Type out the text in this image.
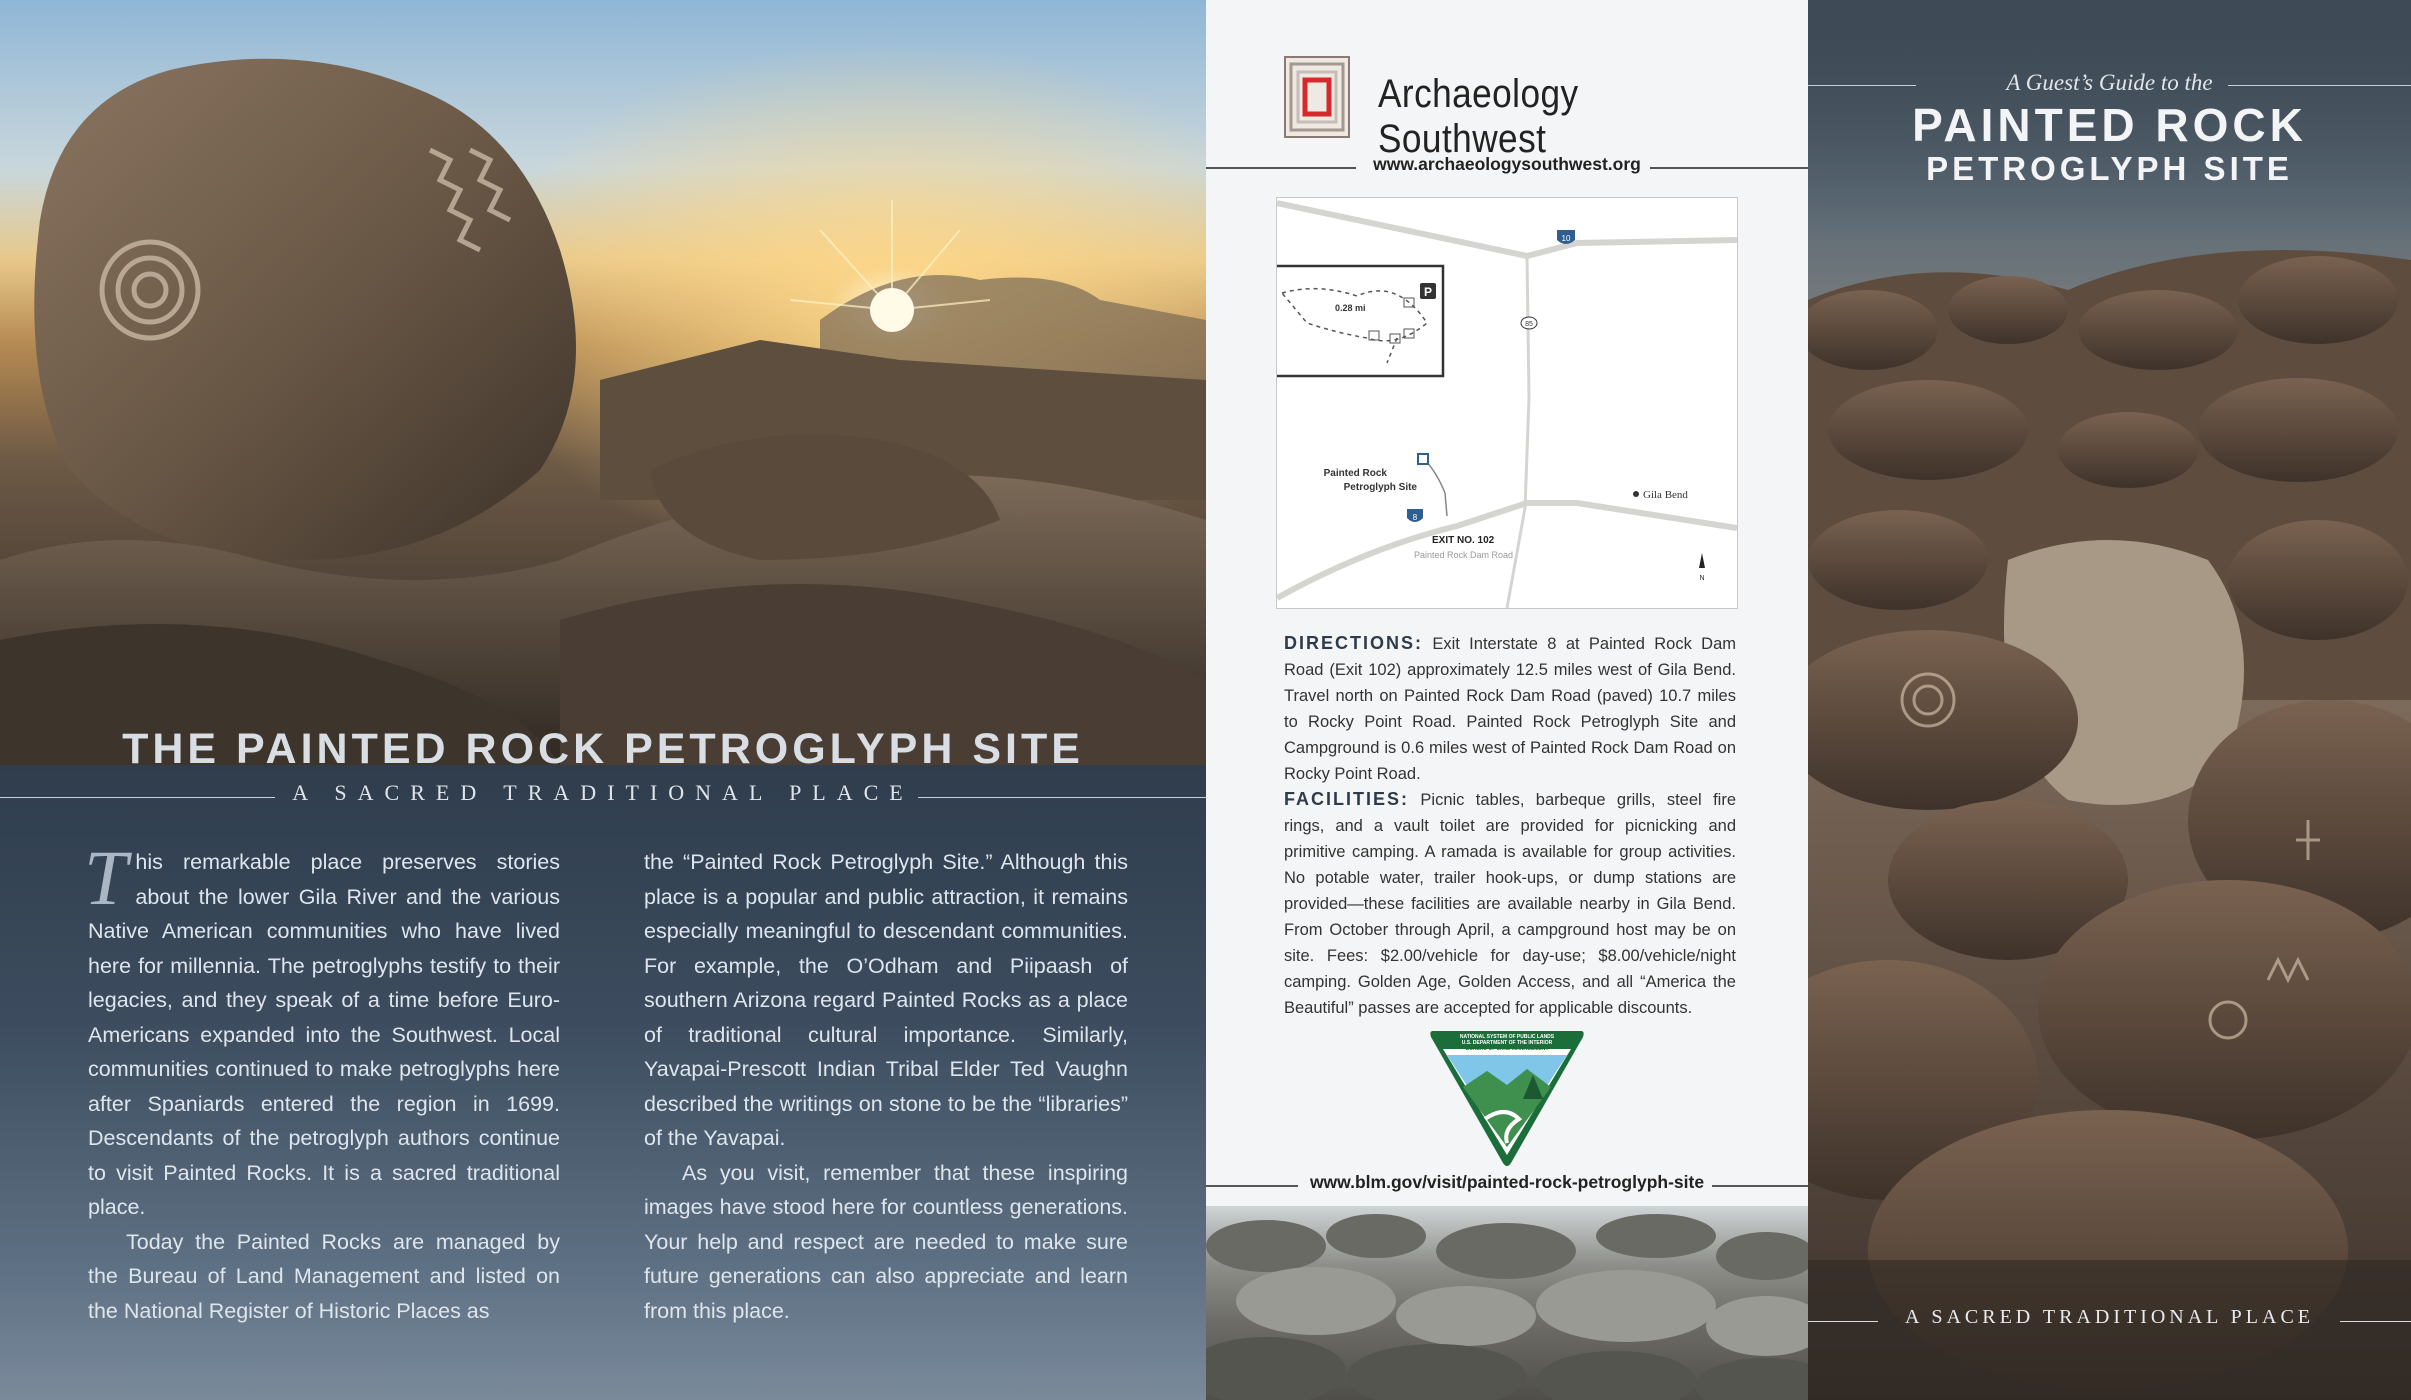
THE PAINTED ROCK PETROGLYPH SITE
A SACRED TRADITIONAL PLACE

This remarkable place preserves stories about the lower Gila River and the various Native American communities who have lived here for millennia. The petroglyphs testify to their legacies, and they speak of a time before Euro-Americans expanded into the Southwest. Local communities continued to make petroglyphs here after Spaniards entered the region in 1699. Descendants of the petroglyph authors continue to visit Painted Rocks. It is a sacred traditional place.

Today the Painted Rocks are managed by the Bureau of Land Management and listed on the National Register of Historic Places as

the “Painted Rock Petroglyph Site.” Although this place is a popular and public attraction, it remains especially meaningful to descendant communities. For example, the O’Odham and Piipaash of southern Arizona regard Painted Rocks as a place of traditional cultural importance. Similarly, Yavapai-Prescott Indian Tribal Elder Ted Vaughn described the writings on stone to be the “libraries” of the Yavapai.

As you visit, remember that these inspiring images have stood here for countless generations. Your help and respect are needed to make sure future generations can also appreciate and learn from this place.

Archaeology Southwest
www.archaeologysouthwest.org
P
0.28 mi
10
85
8
Painted Rock
Petroglyph Site
Gila Bend
EXIT NO. 102
Painted Rock Dam Road
N
DIRECTIONS: Exit Interstate 8 at Painted Rock Dam Road (Exit 102) approximately 12.5 miles west of Gila Bend. Travel north on Painted Rock Dam Road (paved) 10.7 miles to Rocky Point Road. Painted Rock Petroglyph Site and Campground is 0.6 miles west of Painted Rock Dam Road on Rocky Point Road.
FACILITIES: Picnic tables, barbeque grills, steel fire rings, and a vault toilet are provided for picnicking and primitive camping. A ramada is available for group activities. No potable water, trailer hook-ups, or dump stations are provided—these facilities are available nearby in Gila Bend. From October through April, a campground host may be on site. Fees: $2.00/vehicle for day-use; $8.00/vehicle/night camping. Golden Age, Golden Access, and all “America the Beautiful” passes are accepted for applicable discounts.
NATIONAL SYSTEM OF PUBLIC LANDS
U.S. DEPARTMENT OF THE INTERIOR
BUREAU OF LAND MANAGEMENT
www.blm.gov/visit/painted-rock-petroglyph-site
A Guest’s Guide to the
PAINTED ROCK
PETROGLYPH SITE
A SACRED TRADITIONAL PLACE
